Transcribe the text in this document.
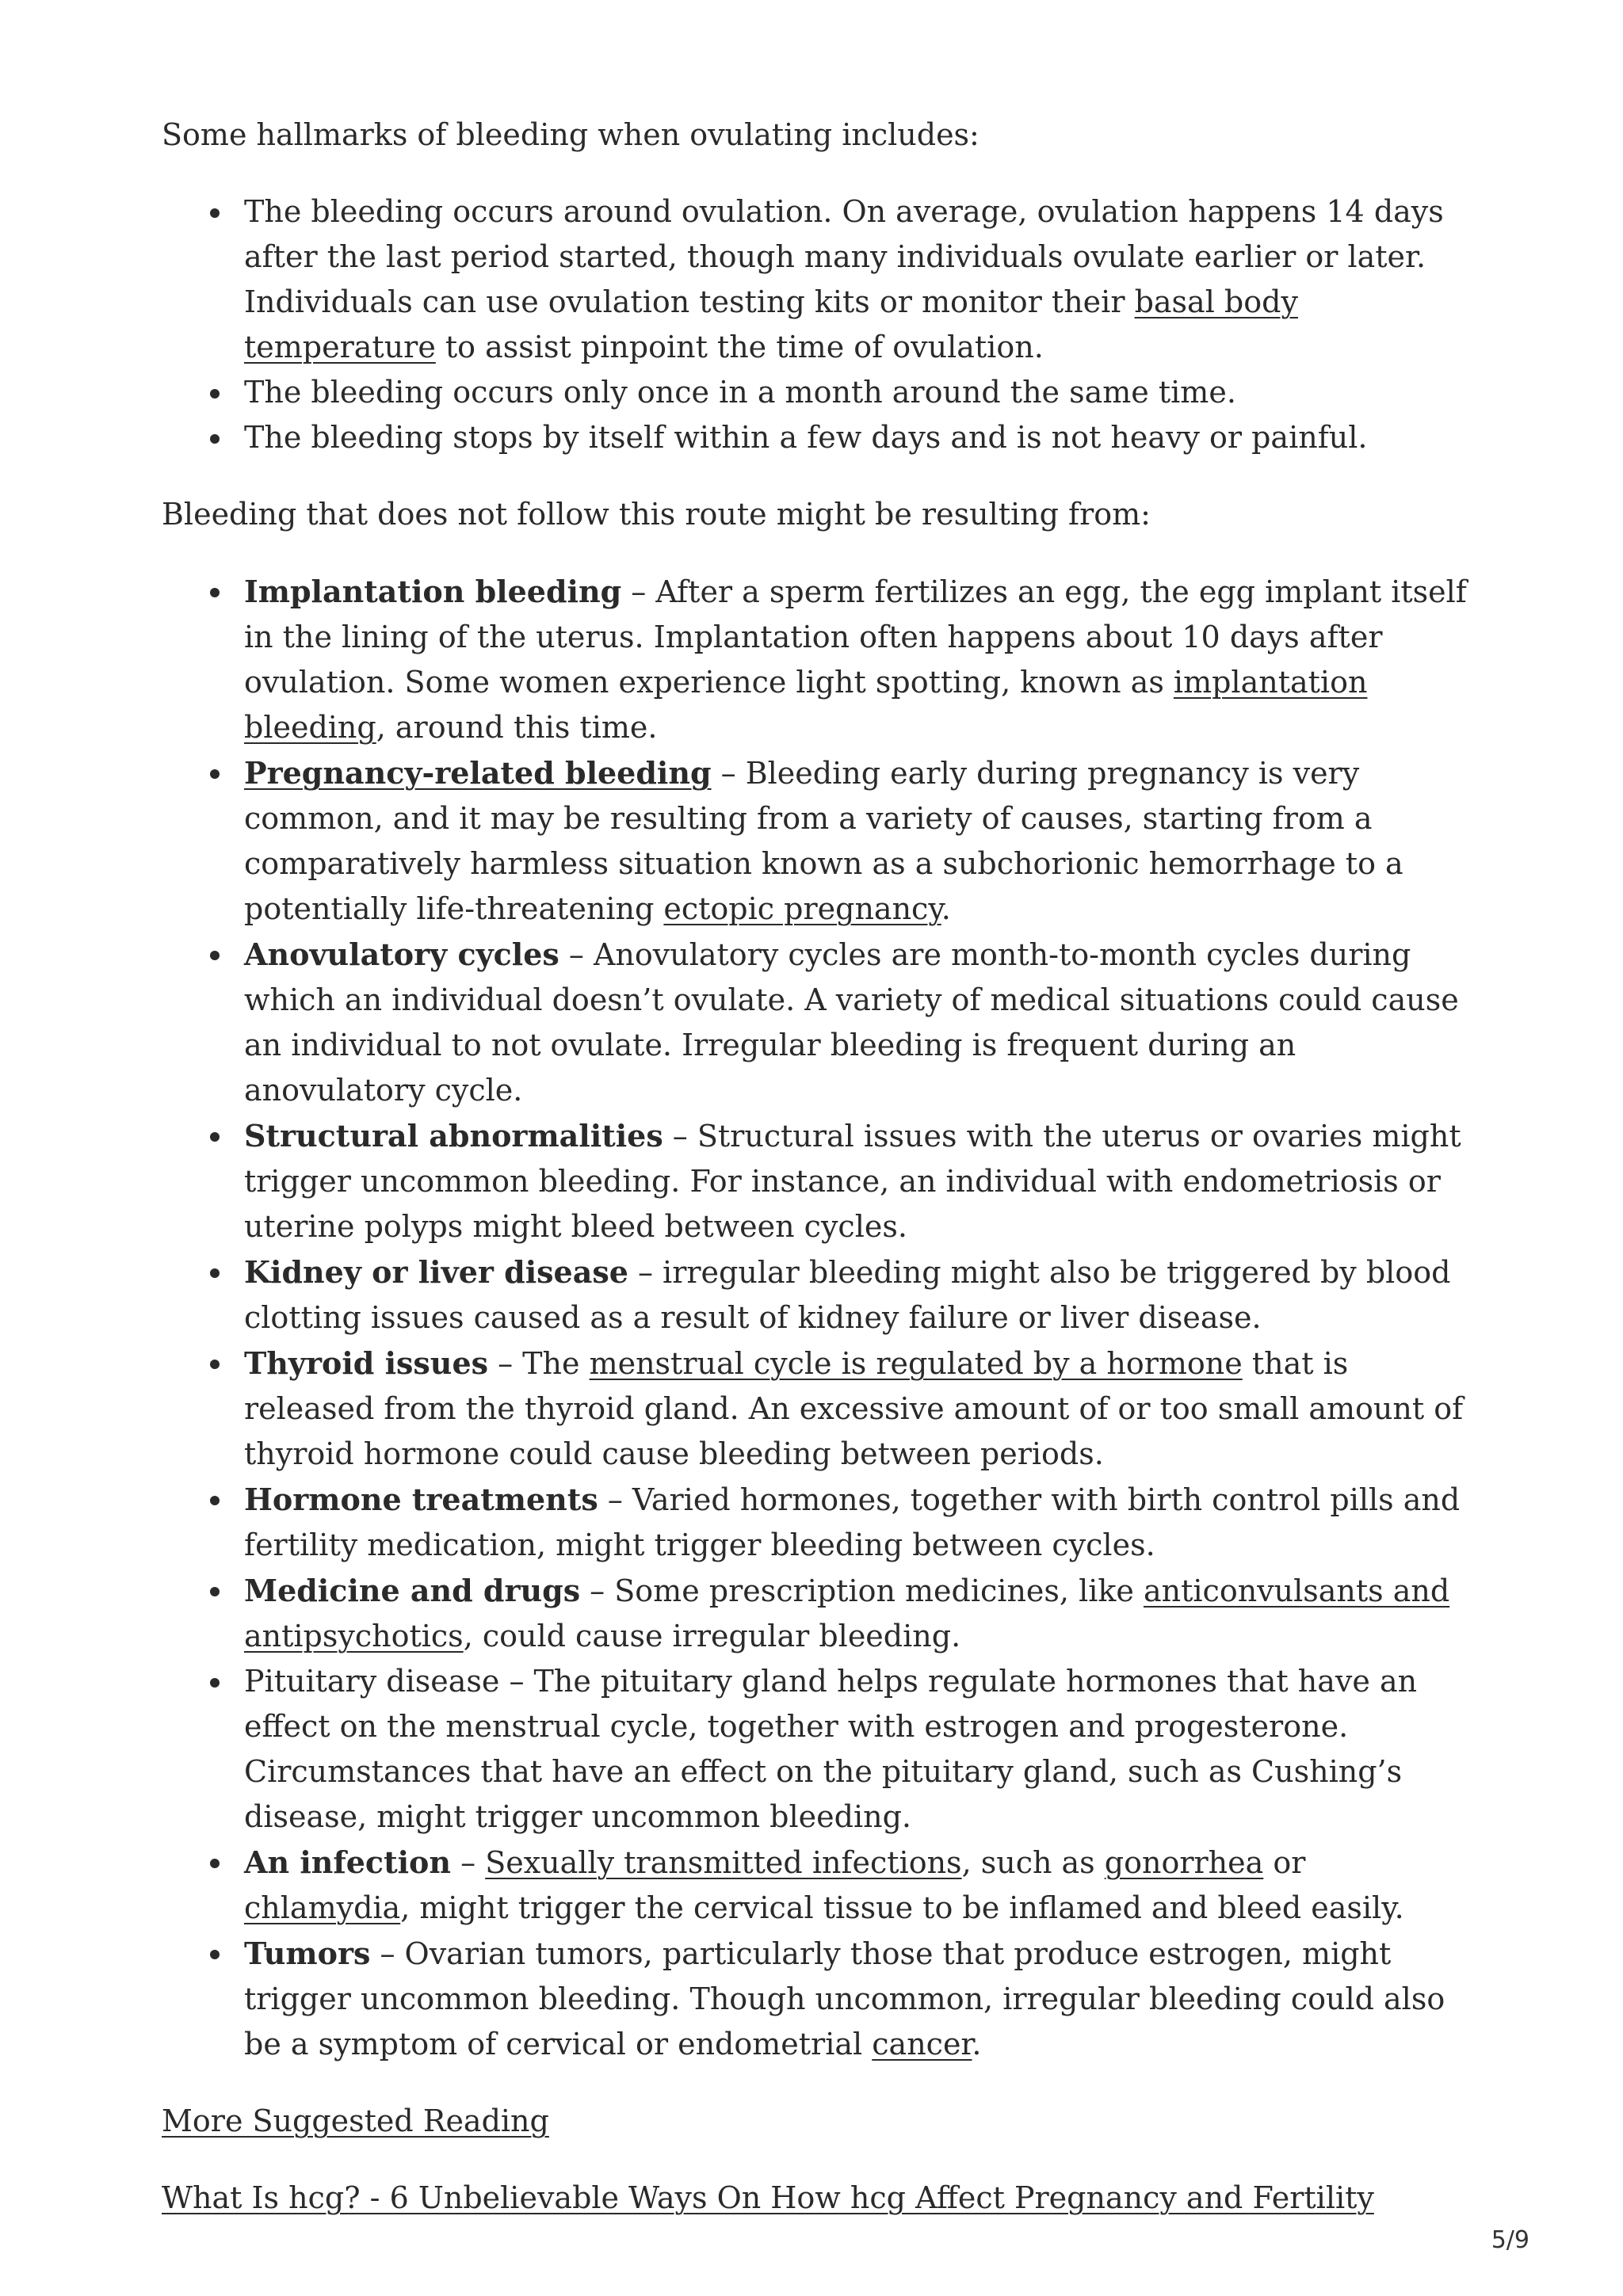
Some hallmarks of bleeding when ovulating includes:

The bleeding occurs around ovulation. On average, ovulation happens 14 days after the last period started, though many individuals ovulate earlier or later. Individuals can use ovulation testing kits or monitor their basal body temperature to assist pinpoint the time of ovulation.
The bleeding occurs only once in a month around the same time.
The bleeding stops by itself within a few days and is not heavy or painful.

Bleeding that does not follow this route might be resulting from:

Implantation bleeding – After a sperm fertilizes an egg, the egg implant itself in the lining of the uterus. Implantation often happens about 10 days after ovulation. Some women experience light spotting, known as implantation bleeding, around this time.
Pregnancy-related bleeding – Bleeding early during pregnancy is very common, and it may be resulting from a variety of causes, starting from a comparatively harmless situation known as a subchorionic hemorrhage to a potentially life-threatening ectopic pregnancy.
Anovulatory cycles – Anovulatory cycles are month-to-month cycles during which an individual doesn’t ovulate. A variety of medical situations could cause an individual to not ovulate. Irregular bleeding is frequent during an anovulatory cycle.
Structural abnormalities – Structural issues with the uterus or ovaries might trigger uncommon bleeding. For instance, an individual with endometriosis or uterine polyps might bleed between cycles.
Kidney or liver disease – irregular bleeding might also be triggered by blood clotting issues caused as a result of kidney failure or liver disease.
Thyroid issues – The menstrual cycle is regulated by a hormone that is released from the thyroid gland. An excessive amount of or too small amount of thyroid hormone could cause bleeding between periods.
Hormone treatments – Varied hormones, together with birth control pills and fertility medication, might trigger bleeding between cycles.
Medicine and drugs – Some prescription medicines, like anticonvulsants and antipsychotics, could cause irregular bleeding.
Pituitary disease – The pituitary gland helps regulate hormones that have an effect on the menstrual cycle, together with estrogen and progesterone. Circumstances that have an effect on the pituitary gland, such as Cushing’s disease, might trigger uncommon bleeding.
An infection – Sexually transmitted infections, such as gonorrhea or chlamydia, might trigger the cervical tissue to be inflamed and bleed easily.
Tumors – Ovarian tumors, particularly those that produce estrogen, might trigger uncommon bleeding. Though uncommon, irregular bleeding could also be a symptom of cervical or endometrial cancer.

More Suggested Reading

What Is hcg? - 6 Unbelievable Ways On How hcg Affect Pregnancy and Fertility

5/9
